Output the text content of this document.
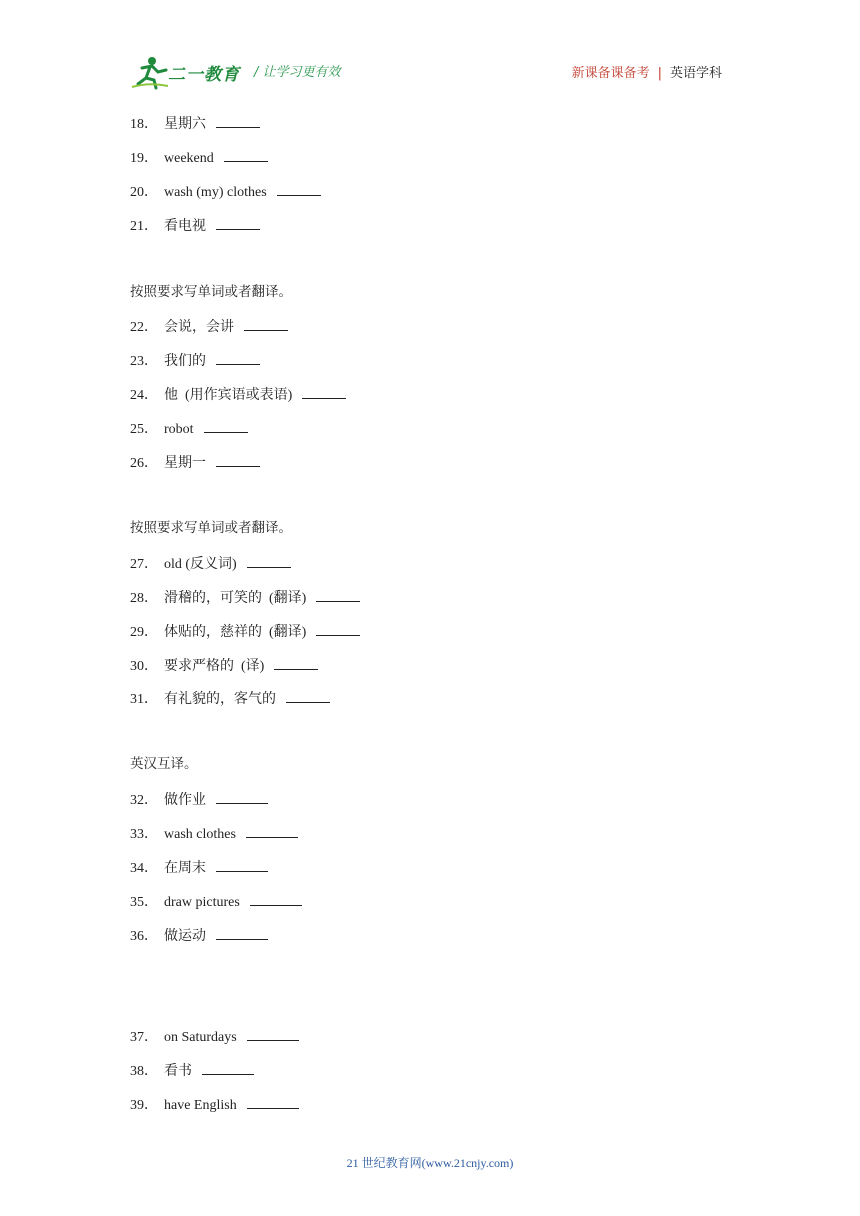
二一教育 / 让学习更有效	新课备课备考 | 英语学科
18． 星期六
19． weekend
20． wash (my) clothes
21． 看电视
按照要求写单词或者翻译。
22． 会说，会讲
23． 我们的
24． 他  (用作宾语或表语)
25． robot
26． 星期一
按照要求写单词或者翻译。
27． old (反义词)
28． 滑稽的，可笑的  (翻译)
29． 体贴的，慈祥的  (翻译)
30． 要求严格的  (译)
31． 有礼貌的，客气的
英汉互译。
32． 做作业
33． wash clothes
34． 在周末
35． draw pictures
36． 做运动
37． on Saturdays
38． 看书
39． have English
21 世纪教育网(www.21cnjy.com)
